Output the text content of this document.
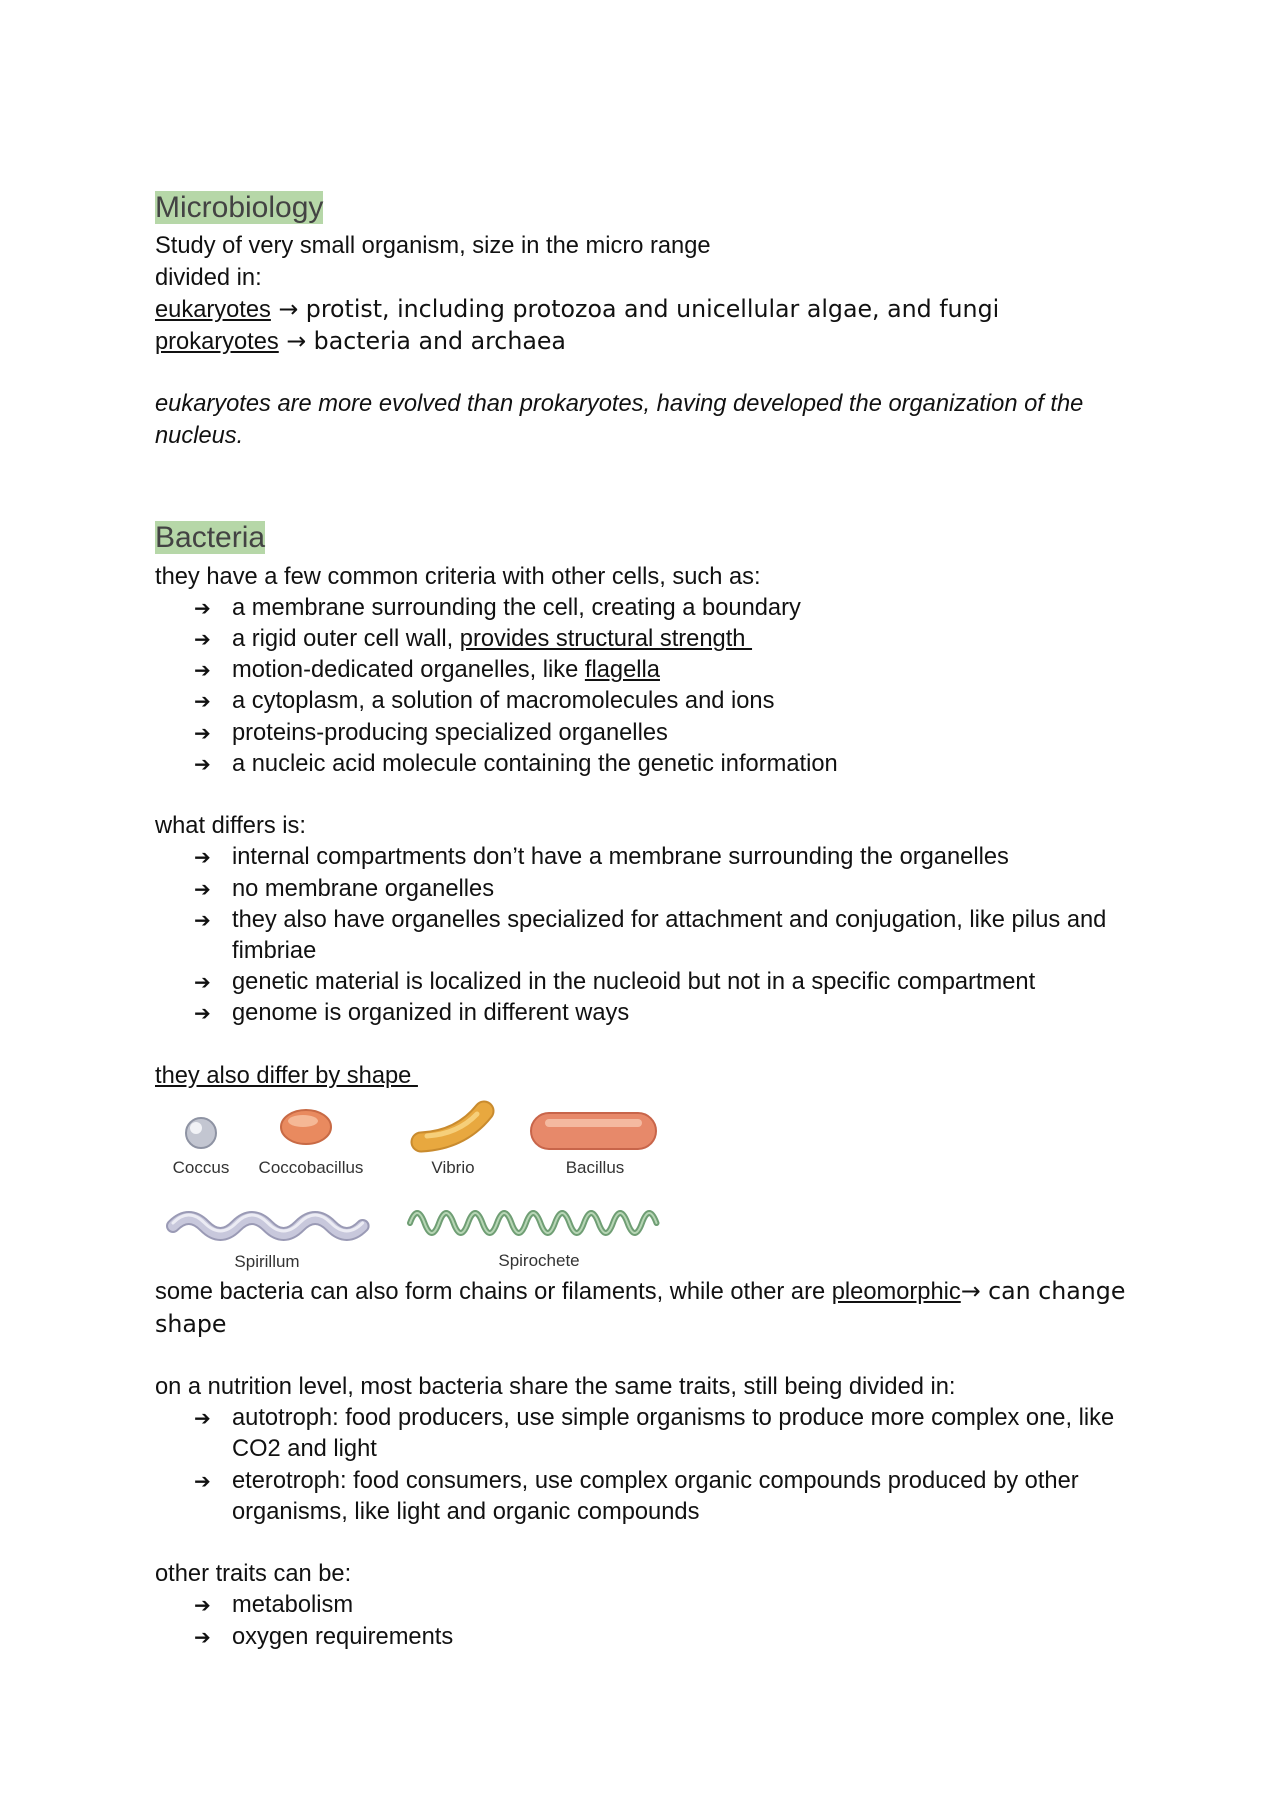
Microbiology
Study of very small organism, size in the micro range
divided in:
eukaryotes → protist, including protozoa and unicellular algae, and fungi
prokaryotes → bacteria and archaea
eukaryotes are more evolved than prokaryotes, having developed the organization of the nucleus.
Bacteria
they have a few common criteria with other cells, such as:
➔ a membrane surrounding the cell, creating a boundary
➔ a rigid outer cell wall, provides structural strength
➔ motion-dedicated organelles, like flagella
➔ a cytoplasm, a solution of macromolecules and ions
➔ proteins-producing specialized organelles
➔ a nucleic acid molecule containing the genetic information
what differs is:
➔ internal compartments don’t have a membrane surrounding the organelles
➔ no membrane organelles
➔ they also have organelles specialized for attachment and conjugation, like pilus and fimbriae
➔ genetic material is localized in the nucleoid but not in a specific compartment
➔ genome is organized in different ways
they also differ by shape
Coccus Coccobacillus	Vibrio	Bacillus
Spirillum	Spirochete
some bacteria can also form chains or filaments, while other are pleomorphic→ can change shape
on a nutrition level, most bacteria share the same traits, still being divided in:
➔ autotroph: food producers, use simple organisms to produce more complex one, like CO2 and light
➔ eterotroph: food consumers, use complex organic compounds produced by other organisms, like light and organic compounds
other traits can be:
➔ metabolism
➔ oxygen requirements
